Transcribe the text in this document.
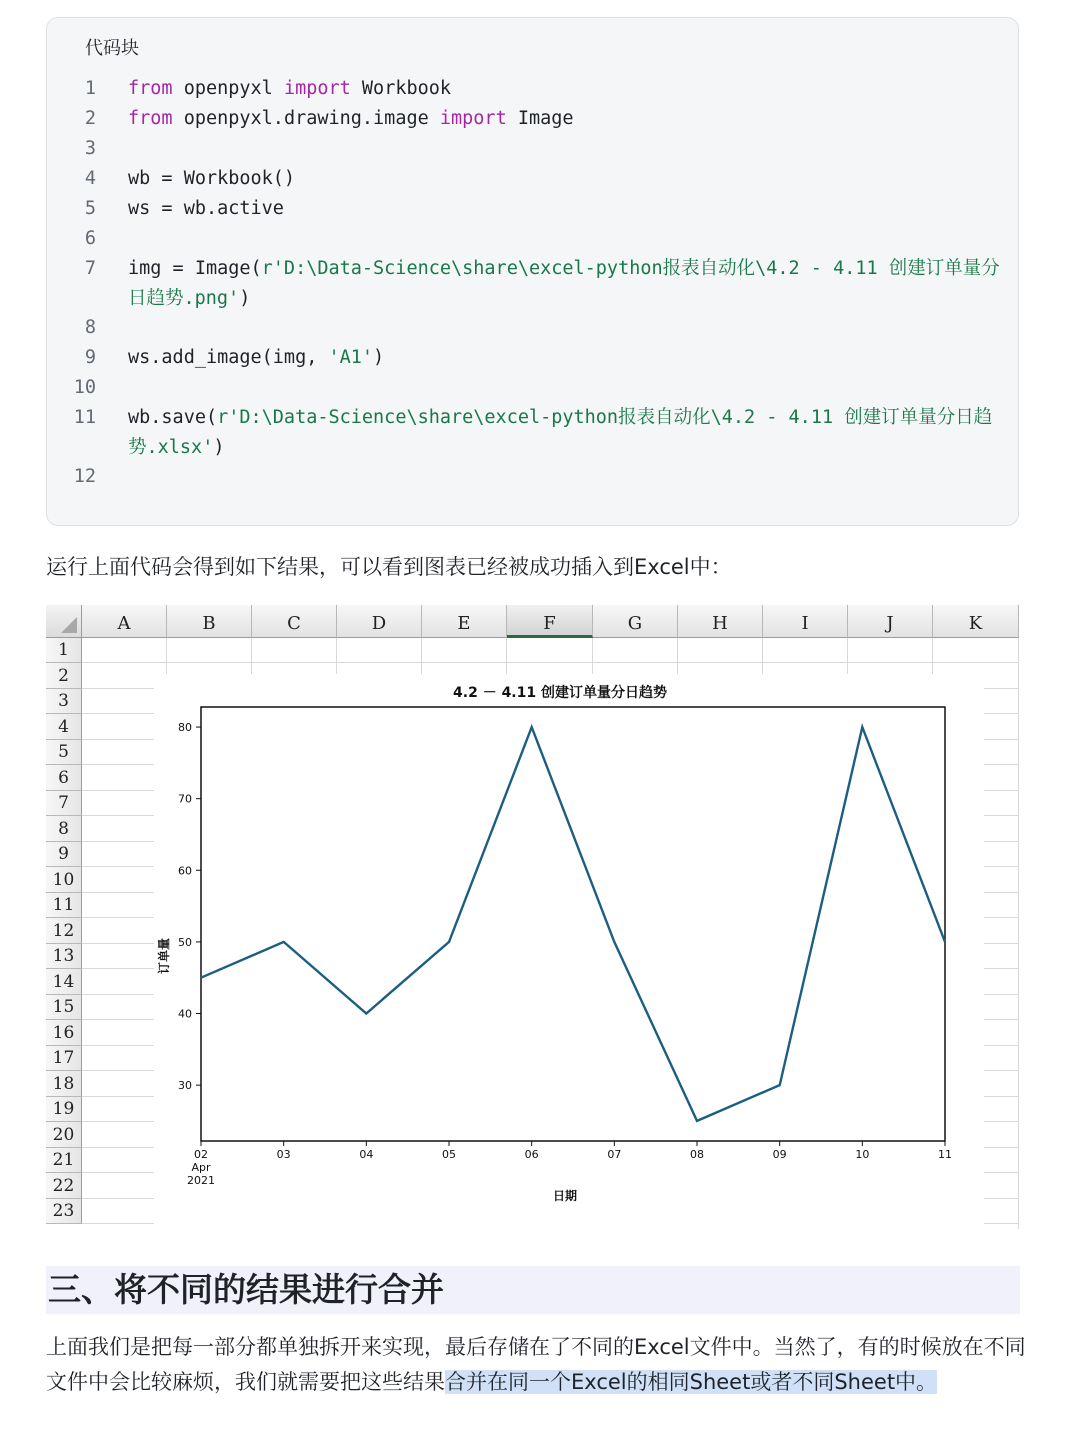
代码块
1 from openpyxl import Workbook
2 from openpyxl.drawing.image import Image
3
4 wb = Workbook()
5 ws = wb.active
6
7 img = Image(r'D:\Data-Science\share\excel-python报表自动化\4.2 - 4.11 创建订单量分
日趋势.png')
8
9 ws.add_image(img, 'A1')
10
11 wb.save(r'D:\Data-Science\share\excel-python报表自动化\4.2 - 4.11 创建订单量分日趋
势.xlsx')
12
运行上面代码会得到如下结果，可以看到图表已经被成功插入到Excel中：
A	B	C	D	E	F	G	H	I	J	K
1
2
3
4
5
6
7
8
9
10
11
12
13
14
15
16
17
18
19
20
21
22
23
4.2 － 4.11 创建订单量分日趋势
30
40
50
60
70
80
02	03	04	05	06	07	08	09	10	11
Apr
2021
日期
订单量
三、将不同的结果进行合并
上面我们是把每一部分都单独拆开来实现，最后存储在了不同的Excel文件中。当然了，有的时候放在不同文件中会比较麻烦，我们就需要把这些结果合并在同一个Excel的相同Sheet或者不同Sheet中。
